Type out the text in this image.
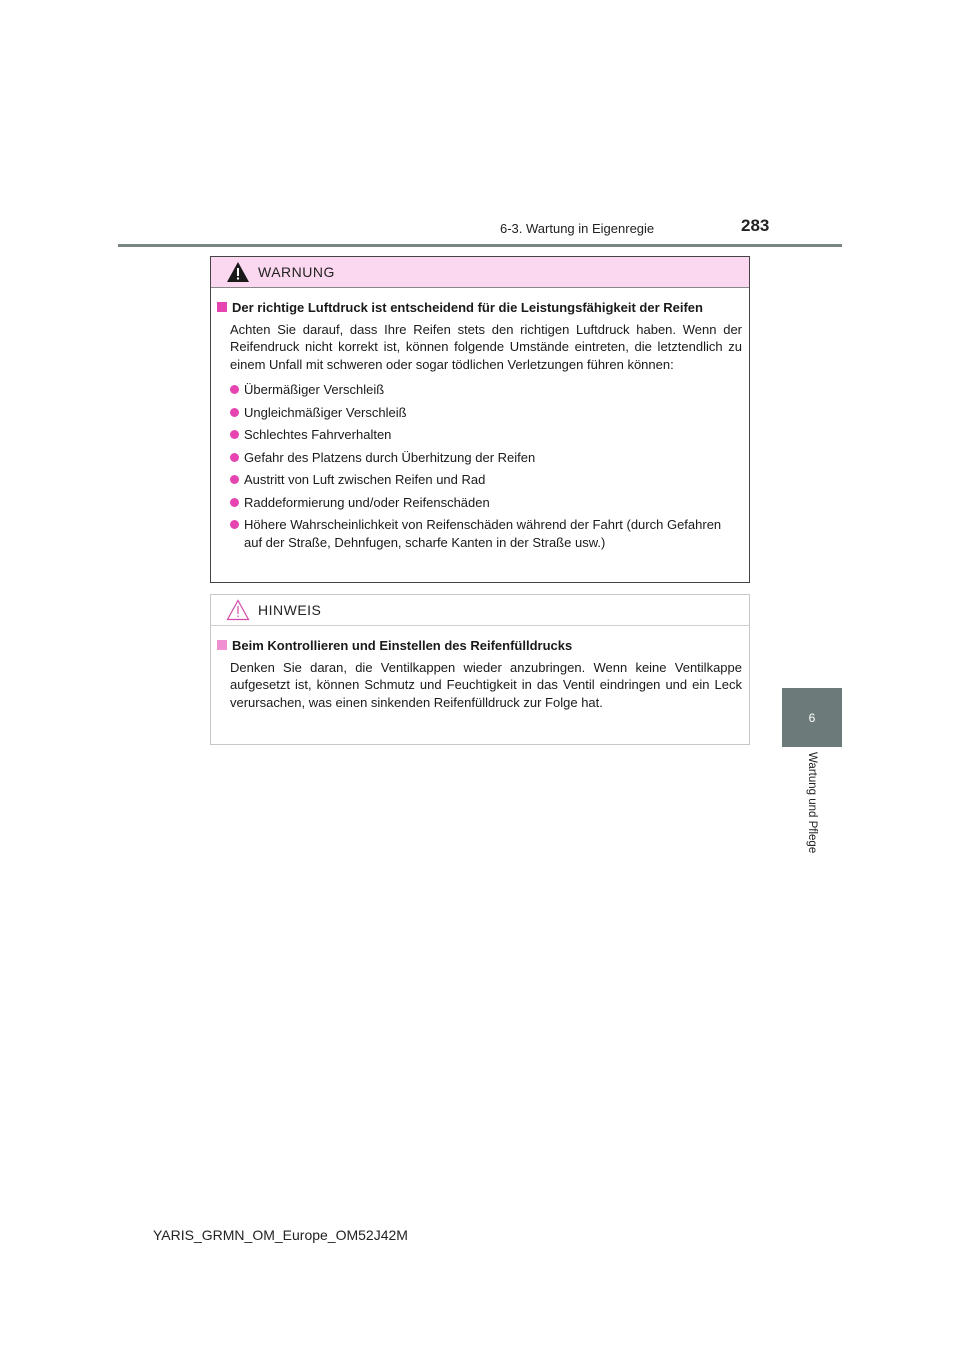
6-3. Wartung in Eigenregie	283
6
Wartung und Pflege
WARNUNG
Der richtige Luftdruck ist entscheidend für die Leistungsfähigkeit der Reifen
Achten Sie darauf, dass Ihre Reifen stets den richtigen Luftdruck haben. Wenn der Reifendruck nicht korrekt ist, können folgende Umstände eintreten, die letztendlich zu einem Unfall mit schweren oder sogar tödlichen Verletzungen führen können:
Übermäßiger Verschleiß
Ungleichmäßiger Verschleiß
Schlechtes Fahrverhalten
Gefahr des Platzens durch Überhitzung der Reifen
Austritt von Luft zwischen Reifen und Rad
Raddeformierung und/oder Reifenschäden
Höhere Wahrscheinlichkeit von Reifenschäden während der Fahrt (durch Gefahren auf der Straße, Dehnfugen, scharfe Kanten in der Straße usw.)
HINWEIS
Beim Kontrollieren und Einstellen des Reifenfülldrucks
Denken Sie daran, die Ventilkappen wieder anzubringen. Wenn keine Ventilkappe aufgesetzt ist, können Schmutz und Feuchtigkeit in das Ventil eindringen und ein Leck verursachen, was einen sinkenden Reifenfülldruck zur Folge hat.
YARIS_GRMN_OM_Europe_OM52J42M
